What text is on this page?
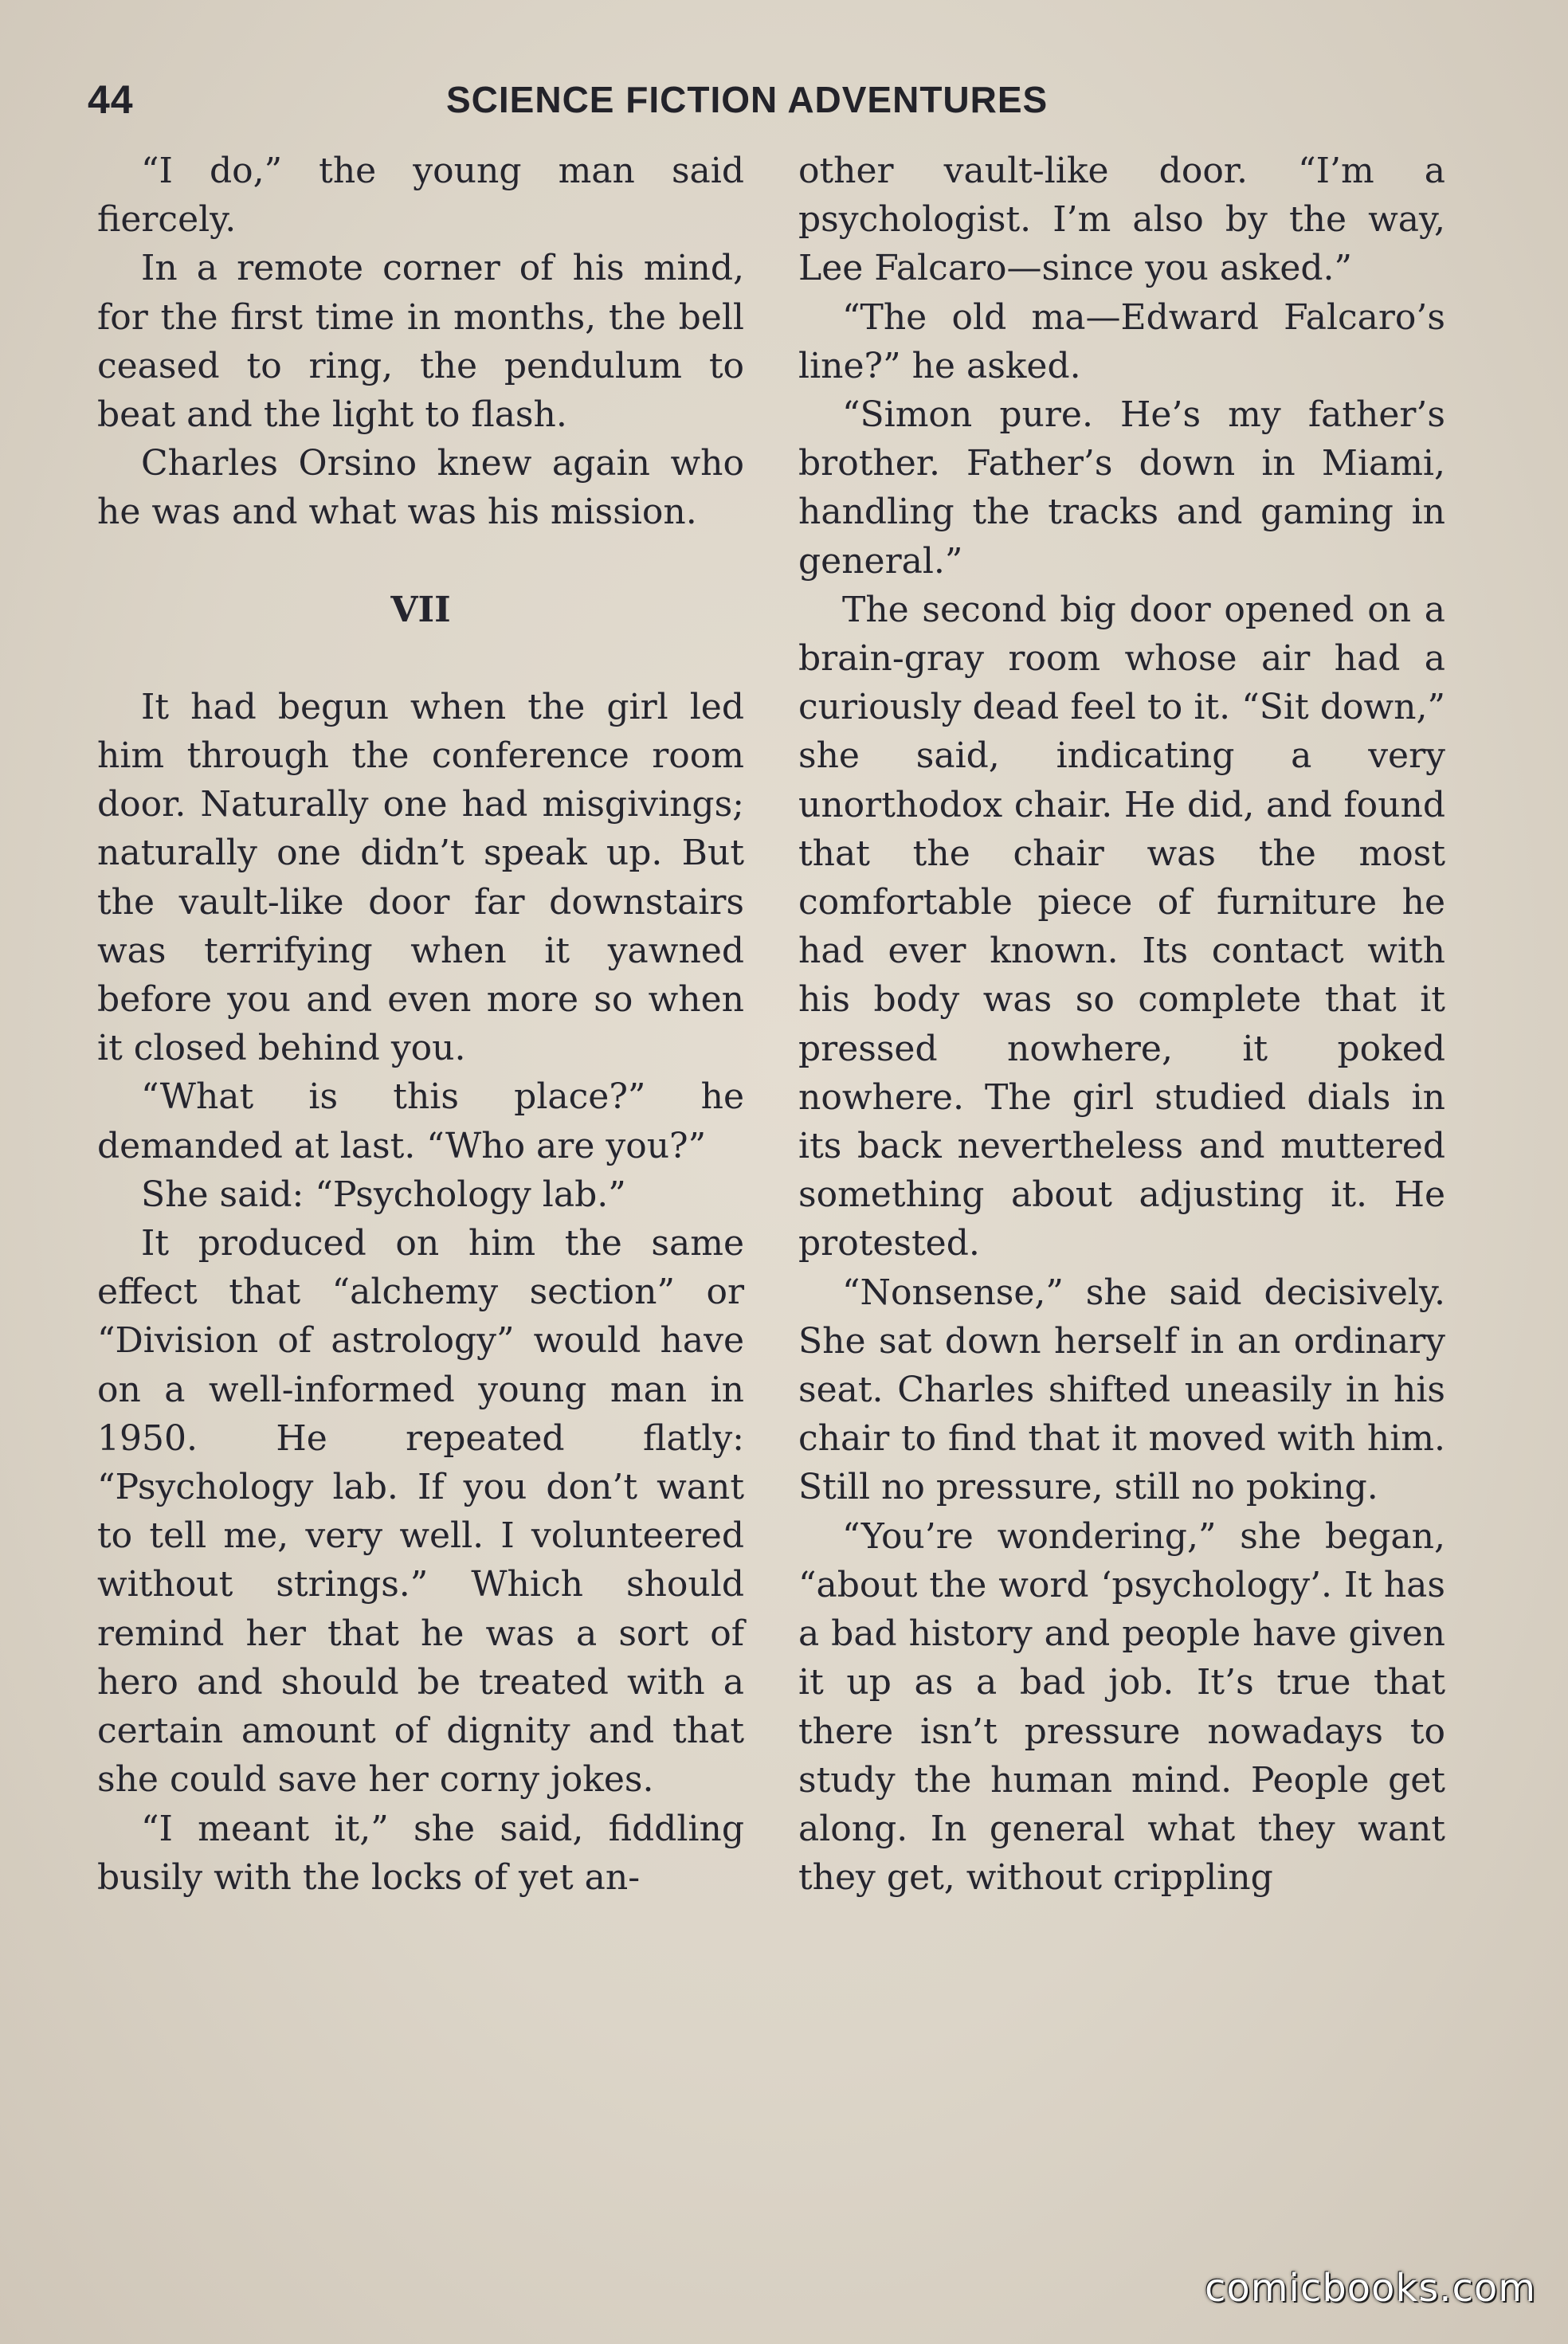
44	SCIENCE FICTION ADVENTURES

“I do,” the young man said fiercely.

In a remote corner of his mind, for the first time in months, the bell ceased to ring, the pendulum to beat and the light to flash.

Charles Orsino knew again who he was and what was his mission.

VII

It had begun when the girl led him through the conference room door. Naturally one had misgivings; naturally one didn’t speak up. But the vault-like door far downstairs was terrifying when it yawned before you and even more so when it closed behind you.

“What is this place?” he demanded at last. “Who are you?”

She said: “Psychology lab.”

It produced on him the same effect that “alchemy section” or “Division of astrology” would have on a well-informed young man in 1950. He repeated flatly: “Psychology lab. If you don’t want to tell me, very well. I volunteered without strings.” Which should remind her that he was a sort of hero and should be treated with a certain amount of dignity and that she could save her corny jokes.

“I meant it,” she said, fiddling busily with the locks of yet an-

other vault-like door. “I’m a psychologist. I’m also by the way, Lee Falcaro—since you asked.”

“The old ma—Edward Falcaro’s line?” he asked.

“Simon pure. He’s my father’s brother. Father’s down in Miami, handling the tracks and gaming in general.”

The second big door opened on a brain-gray room whose air had a curiously dead feel to it. “Sit down,” she said, indicating a very unorthodox chair. He did, and found that the chair was the most comfortable piece of furniture he had ever known. Its contact with his body was so complete that it pressed nowhere, it poked nowhere. The girl studied dials in its back nevertheless and muttered something about adjusting it. He protested.

“Nonsense,” she said decisively. She sat down herself in an ordinary seat. Charles shifted uneasily in his chair to find that it moved with him. Still no pressure, still no poking.

“You’re wondering,” she began, “about the word ‘psychology’. It has a bad history and people have given it up as a bad job. It’s true that there isn’t pressure nowadays to study the human mind. People get along. In general what they want they get, without crippling

comicbooks.com
